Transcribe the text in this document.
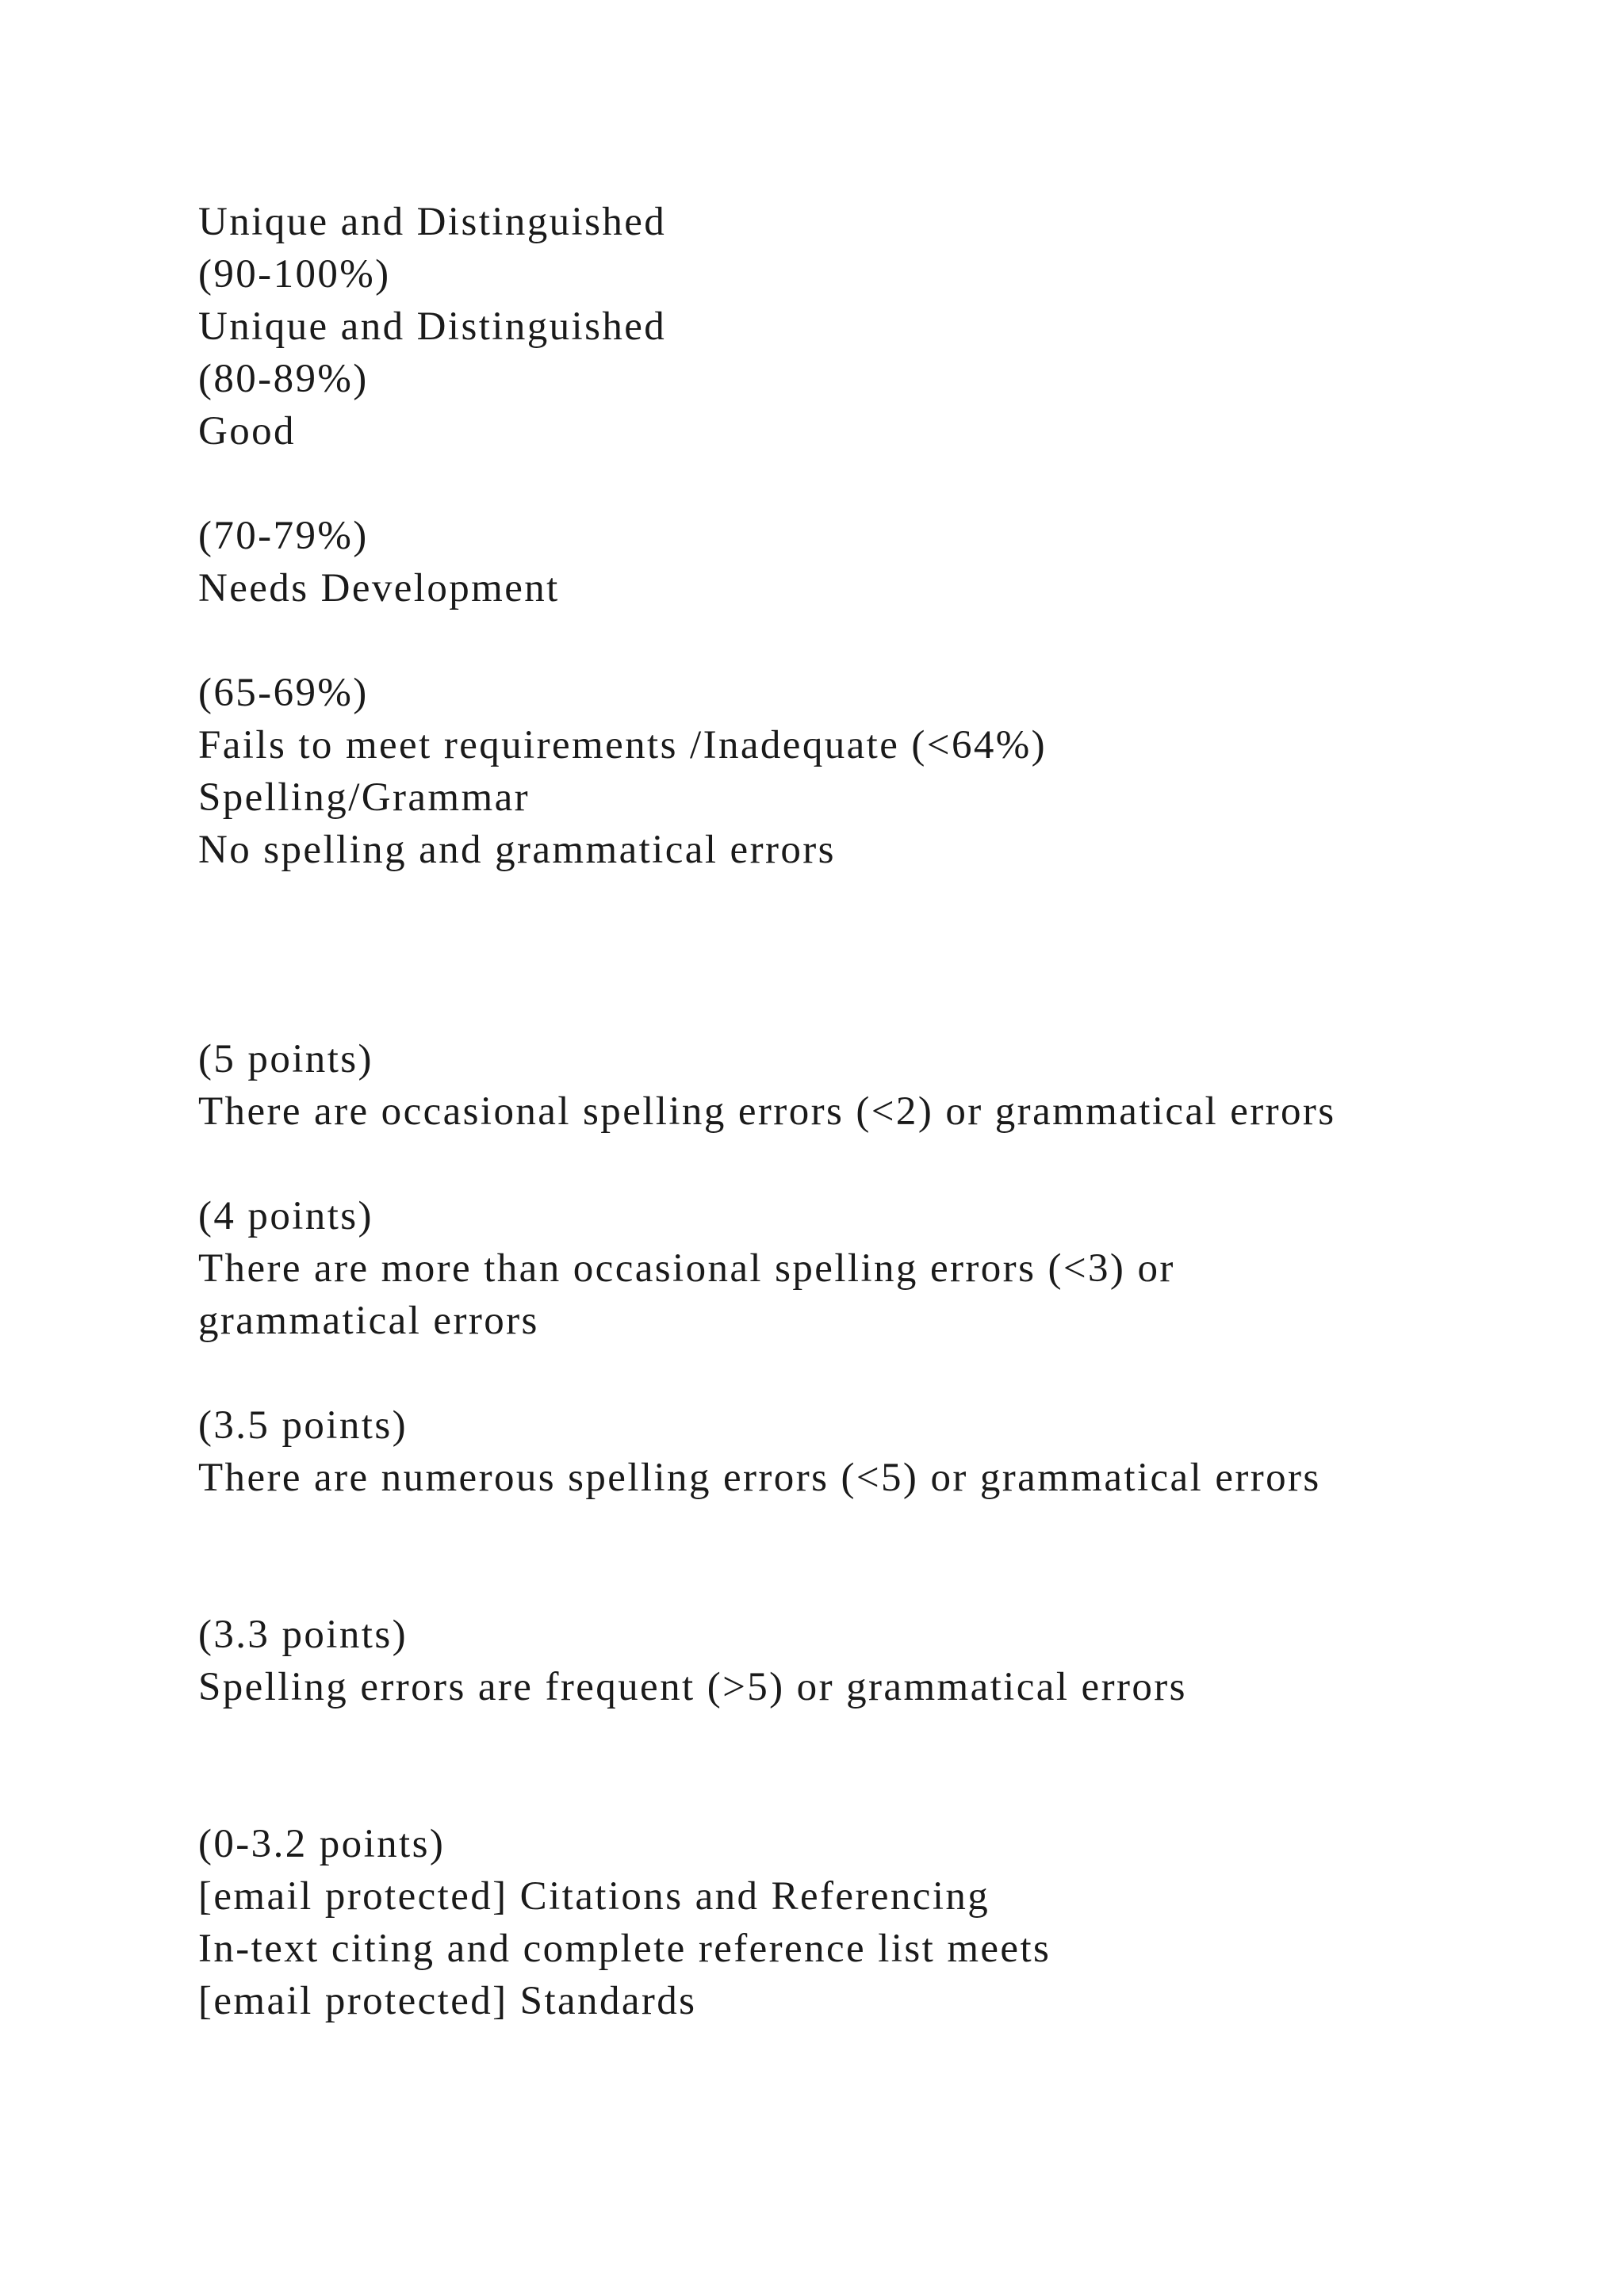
Unique and Distinguished
(90-100%)
Unique and Distinguished
(80-89%)
Good
(70-79%)
Needs Development
(65-69%)
Fails to meet requirements /Inadequate (<64%)
Spelling/Grammar
No spelling and grammatical errors
(5 points)
There are occasional spelling errors (<2) or grammatical errors
(4 points)
There are more than occasional spelling errors (<3) or
grammatical errors
(3.5 points)
There are numerous spelling errors (<5) or grammatical errors
(3.3 points)
Spelling errors are frequent (>5) or grammatical errors
(0-3.2 points)
[email protected] Citations and Referencing
In-text citing and complete reference list meets
[email protected] Standards
